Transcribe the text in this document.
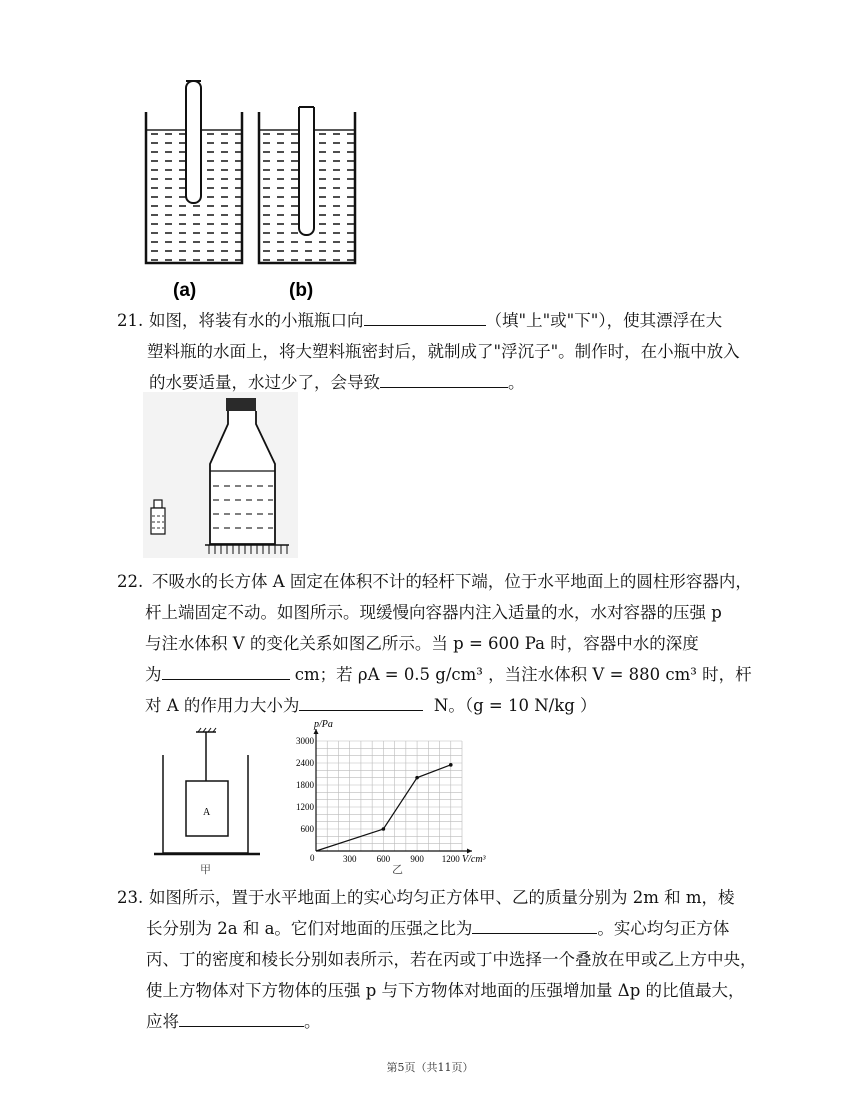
(a)	(b)
21. 如图，将装有水的小瓶瓶口向	（填"上"或"下"），使其漂浮在大
塑料瓶的水面上，将大塑料瓶密封后，就制成了"浮沉子"。制作时，在小瓶中放入
的水要适量，水过少了，会导致	。
22. 不吸水的长方体 A 固定在体积不计的轻杆下端，位于水平地面上的圆柱形容器内，
杆上端固定不动。如图所示。现缓慢向容器内注入适量的水，水对容器的压强 p
与注水体积 V 的变化关系如图乙所示。当 p = 600 Pa 时，容器中水的深度
为	cm；若 ρA = 0.5 g/cm³ ，当注水体积 V = 880 cm³ 时，杆
对 A 的作用力大小为	N。（g = 10 N/kg ）
A
甲
300 600 900 1200
600
1200
1800
2400
3000
p/Pa
V/cm³
0
乙
23. 如图所示，置于水平地面上的实心均匀正方体甲、乙的质量分别为 2m 和 m，棱
长分别为 2a 和 a。它们对地面的压强之比为	。实心均匀正方体
丙、丁的密度和棱长分别如表所示，若在丙或丁中选择一个叠放在甲或乙上方中央，
使上方物体对下方物体的压强 p 与下方物体对地面的压强增加量 Δp 的比值最大，
应将	。
第5页（共11页）
